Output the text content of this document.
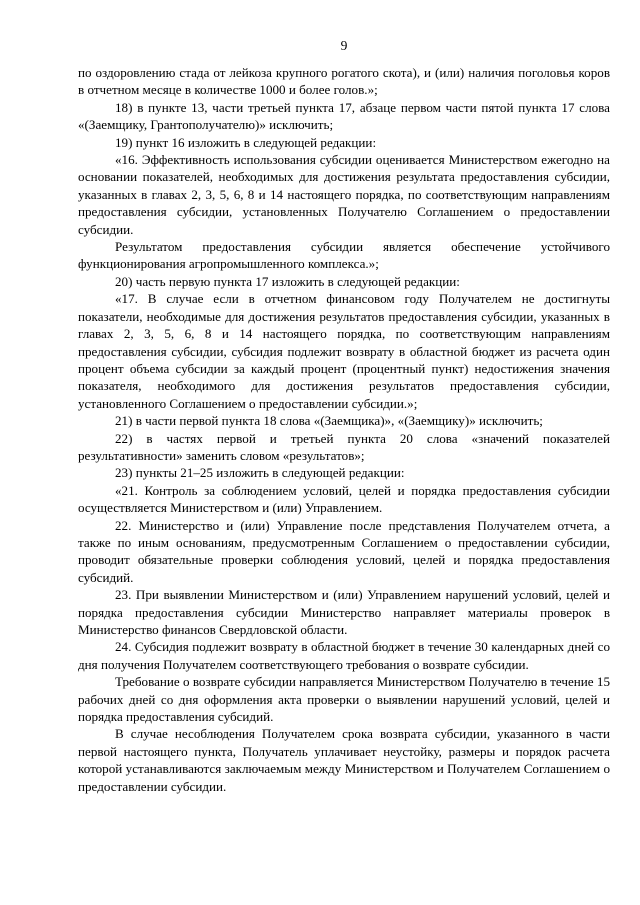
9

по оздоровлению стада от лейкоза крупного рогатого скота), и (или) наличия поголовья коров в отчетном месяце в количестве 1000 и более голов.»;

18) в пункте 13, части третьей пункта 17, абзаце первом части пятой пункта 17 слова «(Заемщику, Грантополучателю)» исключить;

19) пункт 16 изложить в следующей редакции:

«16. Эффективность использования субсидии оценивается Министерством ежегодно на основании показателей, необходимых для достижения результата предоставления субсидии, указанных в главах 2, 3, 5, 6, 8 и 14 настоящего порядка, по соответствующим направлениям предоставления субсидии, установленных Получателю Соглашением о предоставлении субсидии.

Результатом предоставления субсидии является обеспечение устойчивого функционирования агропромышленного комплекса.»;

20) часть первую пункта 17 изложить в следующей редакции:

«17. В случае если в отчетном финансовом году Получателем не достигнуты показатели, необходимые для достижения результатов предоставления субсидии, указанных в главах 2, 3, 5, 6, 8 и 14 настоящего порядка, по соответствующим направлениям предоставления субсидии, субсидия подлежит возврату в областной бюджет из расчета один процент объема субсидии за каждый процент (процентный пункт) недостижения значения показателя, необходимого для достижения результатов предоставления субсидии, установленного Соглашением о предоставлении субсидии.»;

21) в части первой пункта 18 слова «(Заемщика)», «(Заемщику)» исключить;

22) в частях первой и третьей пункта 20 слова «значений показателей результативности» заменить словом «результатов»;

23) пункты 21–25 изложить в следующей редакции:

«21. Контроль за соблюдением условий, целей и порядка предоставления субсидии осуществляется Министерством и (или) Управлением.

22. Министерство и (или) Управление после представления Получателем отчета, а также по иным основаниям, предусмотренным Соглашением о предоставлении субсидии, проводит обязательные проверки соблюдения условий, целей и порядка предоставления субсидий.

23. При выявлении Министерством и (или) Управлением нарушений условий, целей и порядка предоставления субсидии Министерство направляет материалы проверок в Министерство финансов Свердловской области.

24. Субсидия подлежит возврату в областной бюджет в течение 30 календарных дней со дня получения Получателем соответствующего требования о возврате субсидии.

Требование о возврате субсидии направляется Министерством Получателю в течение 15 рабочих дней со дня оформления акта проверки о выявлении нарушений условий, целей и порядка предоставления субсидий.

В случае несоблюдения Получателем срока возврата субсидии, указанного в части первой настоящего пункта, Получатель уплачивает неустойку, размеры и порядок расчета которой устанавливаются заключаемым между Министерством и Получателем Соглашением о предоставлении субсидии.
